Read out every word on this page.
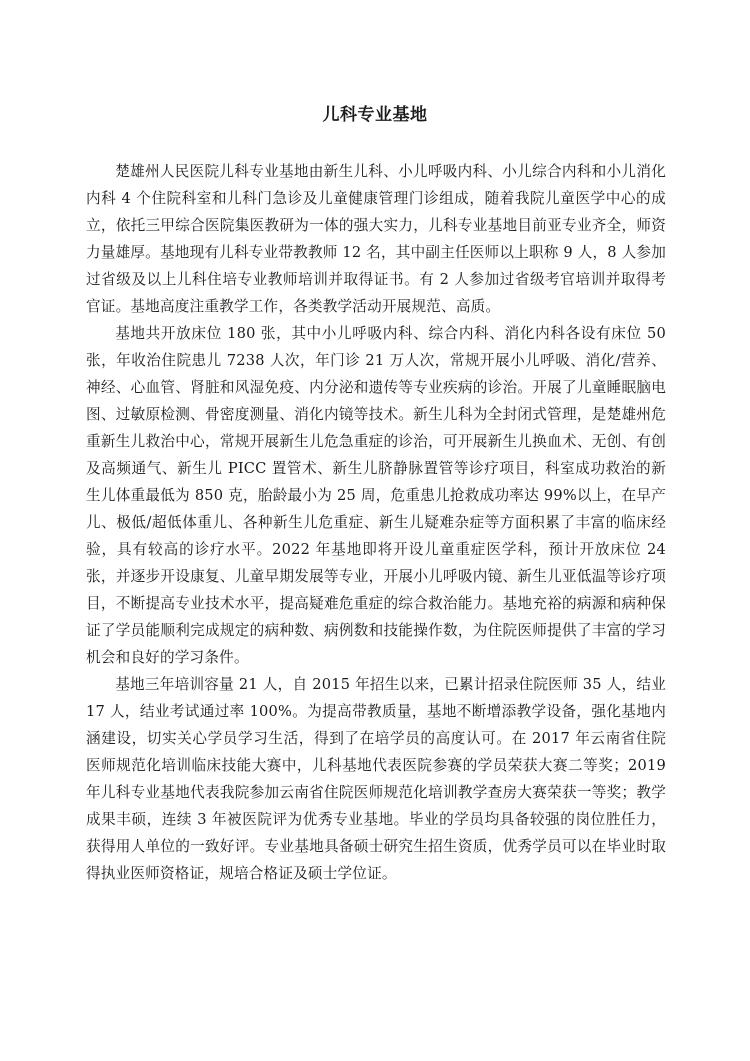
儿科专业基地

楚雄州人民医院儿科专业基地由新生儿科、小儿呼吸内科、小儿综合内科和小儿消化内科 4 个住院科室和儿科门急诊及儿童健康管理门诊组成，随着我院儿童医学中心的成立，依托三甲综合医院集医教研为一体的强大实力，儿科专业基地目前亚专业齐全，师资力量雄厚。基地现有儿科专业带教教师 12 名，其中副主任医师以上职称 9 人，8 人参加过省级及以上儿科住培专业教师培训并取得证书。有 2 人参加过省级考官培训并取得考官证。基地高度注重教学工作，各类教学活动开展规范、高质。

基地共开放床位 180 张，其中小儿呼吸内科、综合内科、消化内科各设有床位 50 张，年收治住院患儿 7238 人次，年门诊 21 万人次，常规开展小儿呼吸、消化/营养、神经、心血管、肾脏和风湿免疫、内分泌和遗传等专业疾病的诊治。开展了儿童睡眠脑电图、过敏原检测、骨密度测量、消化内镜等技术。新生儿科为全封闭式管理，是楚雄州危重新生儿救治中心，常规开展新生儿危急重症的诊治，可开展新生儿换血术、无创、有创及高频通气、新生儿 PICC 置管术、新生儿脐静脉置管等诊疗项目，科室成功救治的新生儿体重最低为 850 克，胎龄最小为 25 周，危重患儿抢救成功率达 99%以上，在早产儿、极低/超低体重儿、各种新生儿危重症、新生儿疑难杂症等方面积累了丰富的临床经验，具有较高的诊疗水平。2022 年基地即将开设儿童重症医学科，预计开放床位 24 张，并逐步开设康复、儿童早期发展等专业，开展小儿呼吸内镜、新生儿亚低温等诊疗项目，不断提高专业技术水平，提高疑难危重症的综合救治能力。基地充裕的病源和病种保证了学员能顺利完成规定的病种数、病例数和技能操作数，为住院医师提供了丰富的学习机会和良好的学习条件。

基地三年培训容量 21 人，自 2015 年招生以来，已累计招录住院医师 35 人，结业 17 人，结业考试通过率 100%。为提高带教质量，基地不断增添教学设备，强化基地内涵建设，切实关心学员学习生活，得到了在培学员的高度认可。在 2017 年云南省住院医师规范化培训临床技能大赛中，儿科基地代表医院参赛的学员荣获大赛二等奖；2019 年儿科专业基地代表我院参加云南省住院医师规范化培训教学查房大赛荣获一等奖；教学成果丰硕，连续 3 年被医院评为优秀专业基地。毕业的学员均具备较强的岗位胜任力，获得用人单位的一致好评。专业基地具备硕士研究生招生资质，优秀学员可以在毕业时取得执业医师资格证，规培合格证及硕士学位证。
